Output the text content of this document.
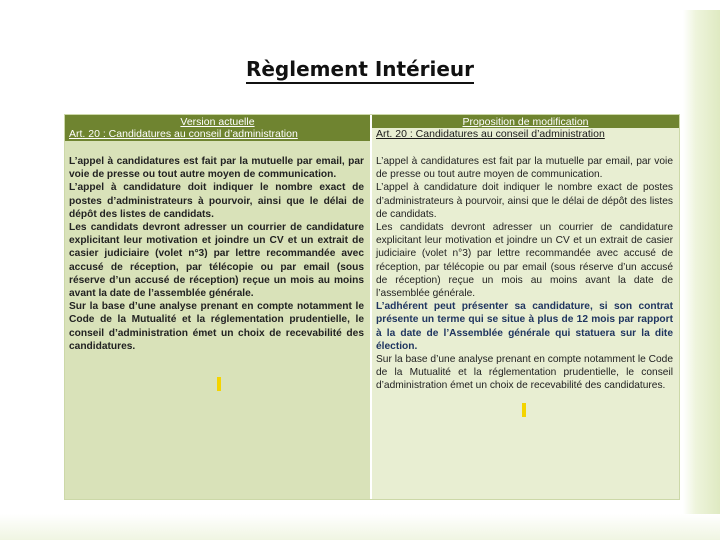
Règlement Intérieur
Version actuelle
Art. 20 : Candidatures au conseil d’administration

L’appel à candidatures est fait par la mutuelle par email, par voie de presse ou tout autre moyen de communication.

L’appel à candidature doit indiquer le nombre exact de postes d’administrateurs à pourvoir, ainsi que le délai de dépôt des listes de candidats.

Les candidats devront adresser un courrier de candidature explicitant leur motivation et joindre un CV et un extrait de casier judiciaire (volet n°3) par lettre recommandée avec accusé de réception, par télécopie ou par email (sous réserve d’un accusé de réception) reçue un mois au moins avant la date de l’assemblée générale.

Sur la base d’une analyse prenant en compte notamment le Code de la Mutualité et la réglementation prudentielle, le conseil d’administration émet un choix de recevabilité des candidatures.

Proposition de modification
Art. 20 : Candidatures au conseil d’administration

L’appel à candidatures est fait par la mutuelle par email, par voie de presse ou tout autre moyen de communication.

L’appel à candidature doit indiquer le nombre exact de postes d’administrateurs à pourvoir, ainsi que le délai de dépôt des listes de candidats.

Les candidats devront adresser un courrier de candidature explicitant leur motivation et joindre un CV et un extrait de casier judiciaire (volet n°3) par lettre recommandée avec accusé de réception, par télécopie ou par email (sous réserve d’un accusé de réception) reçue un mois au moins avant la date de l’assemblée générale.

L’adhérent peut présenter sa candidature, si son contrat présente un terme qui se situe à plus de 12 mois par rapport à la date de l’Assemblée générale qui statuera sur la dite élection.

Sur la base d’une analyse prenant en compte notamment le Code de la Mutualité et la réglementation prudentielle, le conseil d’administration émet un choix de recevabilité des candidatures.
